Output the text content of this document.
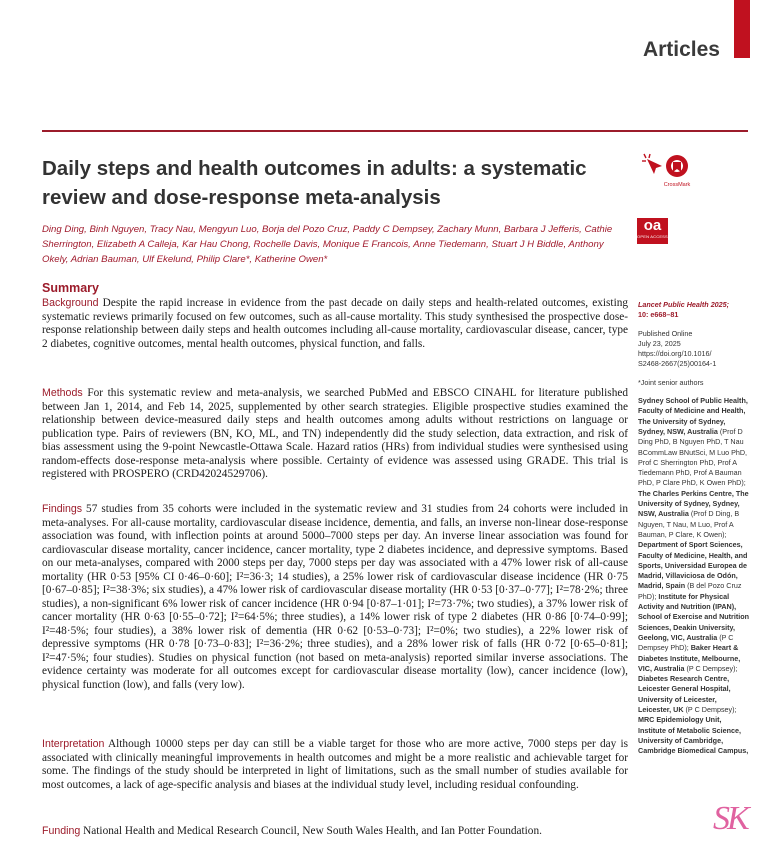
Articles
Daily steps and health outcomes in adults: a systematic review and dose-response meta-analysis

Ding Ding, Binh Nguyen, Tracy Nau, Mengyun Luo, Borja del Pozo Cruz, Paddy C Dempsey, Zachary Munn, Barbara J Jefferis, Cathie Sherrington, Elizabeth A Calleja, Kar Hau Chong, Rochelle Davis, Monique E Francois, Anne Tiedemann, Stuart J H Biddle, Anthony Okely, Adrian Bauman, Ulf Ekelund, Philip Clare*, Katherine Owen*

CrossMark
oa
OPEN ACCESS
Summary

Background Despite the rapid increase in evidence from the past decade on daily steps and health-related outcomes, existing systematic reviews primarily focused on few outcomes, such as all-cause mortality. This study synthesised the prospective dose-response relationship between daily steps and health outcomes including all-cause mortality, cardiovascular disease, cancer, type 2 diabetes, cognitive outcomes, mental health outcomes, physical function, and falls.

Methods For this systematic review and meta-analysis, we searched PubMed and EBSCO CINAHL for literature published between Jan 1, 2014, and Feb 14, 2025, supplemented by other search strategies. Eligible prospective studies examined the relationship between device-measured daily steps and health outcomes among adults without restrictions on language or publication type. Pairs of reviewers (BN, KO, ML, and TN) independently did the study selection, data extraction, and risk of bias assessment using the 9-point Newcastle-Ottawa Scale. Hazard ratios (HRs) from individual studies were synthesised using random-effects dose-response meta-analysis where possible. Certainty of evidence was assessed using GRADE. This trial is registered with PROSPERO (CRD42024529706).

Findings 57 studies from 35 cohorts were included in the systematic review and 31 studies from 24 cohorts were included in meta-analyses. For all-cause mortality, cardiovascular disease incidence, dementia, and falls, an inverse non-linear dose-response association was found, with inflection points at around 5000–7000 steps per day. An inverse linear association was found for cardiovascular disease mortality, cancer incidence, cancer mortality, type 2 diabetes incidence, and depressive symptoms. Based on our meta-analyses, compared with 2000 steps per day, 7000 steps per day was associated with a 47% lower risk of all-cause mortality (HR 0·53 [95% CI 0·46–0·60]; I²=36·3; 14 studies), a 25% lower risk of cardiovascular disease incidence (HR 0·75 [0·67–0·85]; I²=38·3%; six studies), a 47% lower risk of cardiovascular disease mortality (HR 0·53 [0·37–0·77]; I²=78·2%; three studies), a non-significant 6% lower risk of cancer incidence (HR 0·94 [0·87–1·01]; I²=73·7%; two studies), a 37% lower risk of cancer mortality (HR 0·63 [0·55–0·72]; I²=64·5%; three studies), a 14% lower risk of type 2 diabetes (HR 0·86 [0·74–0·99]; I²=48·5%; four studies), a 38% lower risk of dementia (HR 0·62 [0·53–0·73]; I²=0%; two studies), a 22% lower risk of depressive symptoms (HR 0·78 [0·73–0·83]; I²=36·2%; three studies), and a 28% lower risk of falls (HR 0·72 [0·65–0·81]; I²=47·5%; four studies). Studies on physical function (not based on meta-analysis) reported similar inverse associations. The evidence certainty was moderate for all outcomes except for cardiovascular disease mortality (low), cancer incidence (low), physical function (low), and falls (very low).

Interpretation Although 10000 steps per day can still be a viable target for those who are more active, 7000 steps per day is associated with clinically meaningful improvements in health outcomes and might be a more realistic and achievable target for some. The findings of the study should be interpreted in light of limitations, such as the small number of studies available for most outcomes, a lack of age-specific analysis and biases at the individual study level, including residual confounding.

Funding National Health and Medical Research Council, New South Wales Health, and Ian Potter Foundation.

Lancet Public Health 2025;

10: e668–81

Published Online

July 23, 2025

https://doi.org/10.1016/

S2468-2667(25)00164-1

*Joint senior authors

Sydney School of Public Health, Faculty of Medicine and Health, The University of Sydney, Sydney, NSW, Australia (Prof D Ding PhD, B Nguyen PhD, T Nau BCommLaw BNutSci, M Luo PhD, Prof C Sherrington PhD, Prof A Tiedemann PhD, Prof A Bauman PhD, P Clare PhD, K Owen PhD); The Charles Perkins Centre, The University of Sydney, Sydney, NSW, Australia (Prof D Ding, B Nguyen, T Nau, M Luo, Prof A Bauman, P Clare, K Owen); Department of Sport Sciences, Faculty of Medicine, Health, and Sports, Universidad Europea de Madrid, Villaviciosa de Odón, Madrid, Spain (B del Pozo Cruz PhD); Institute for Physical Activity and Nutrition (IPAN), School of Exercise and Nutrition Sciences, Deakin University, Geelong, VIC, Australia (P C Dempsey PhD); Baker Heart & Diabetes Institute, Melbourne, VIC, Australia (P C Dempsey); Diabetes Research Centre, Leicester General Hospital, University of Leicester, Leicester, UK (P C Dempsey); MRC Epidemiology Unit, Institute of Metabolic Science, University of Cambridge, Cambridge Biomedical Campus,

SK
